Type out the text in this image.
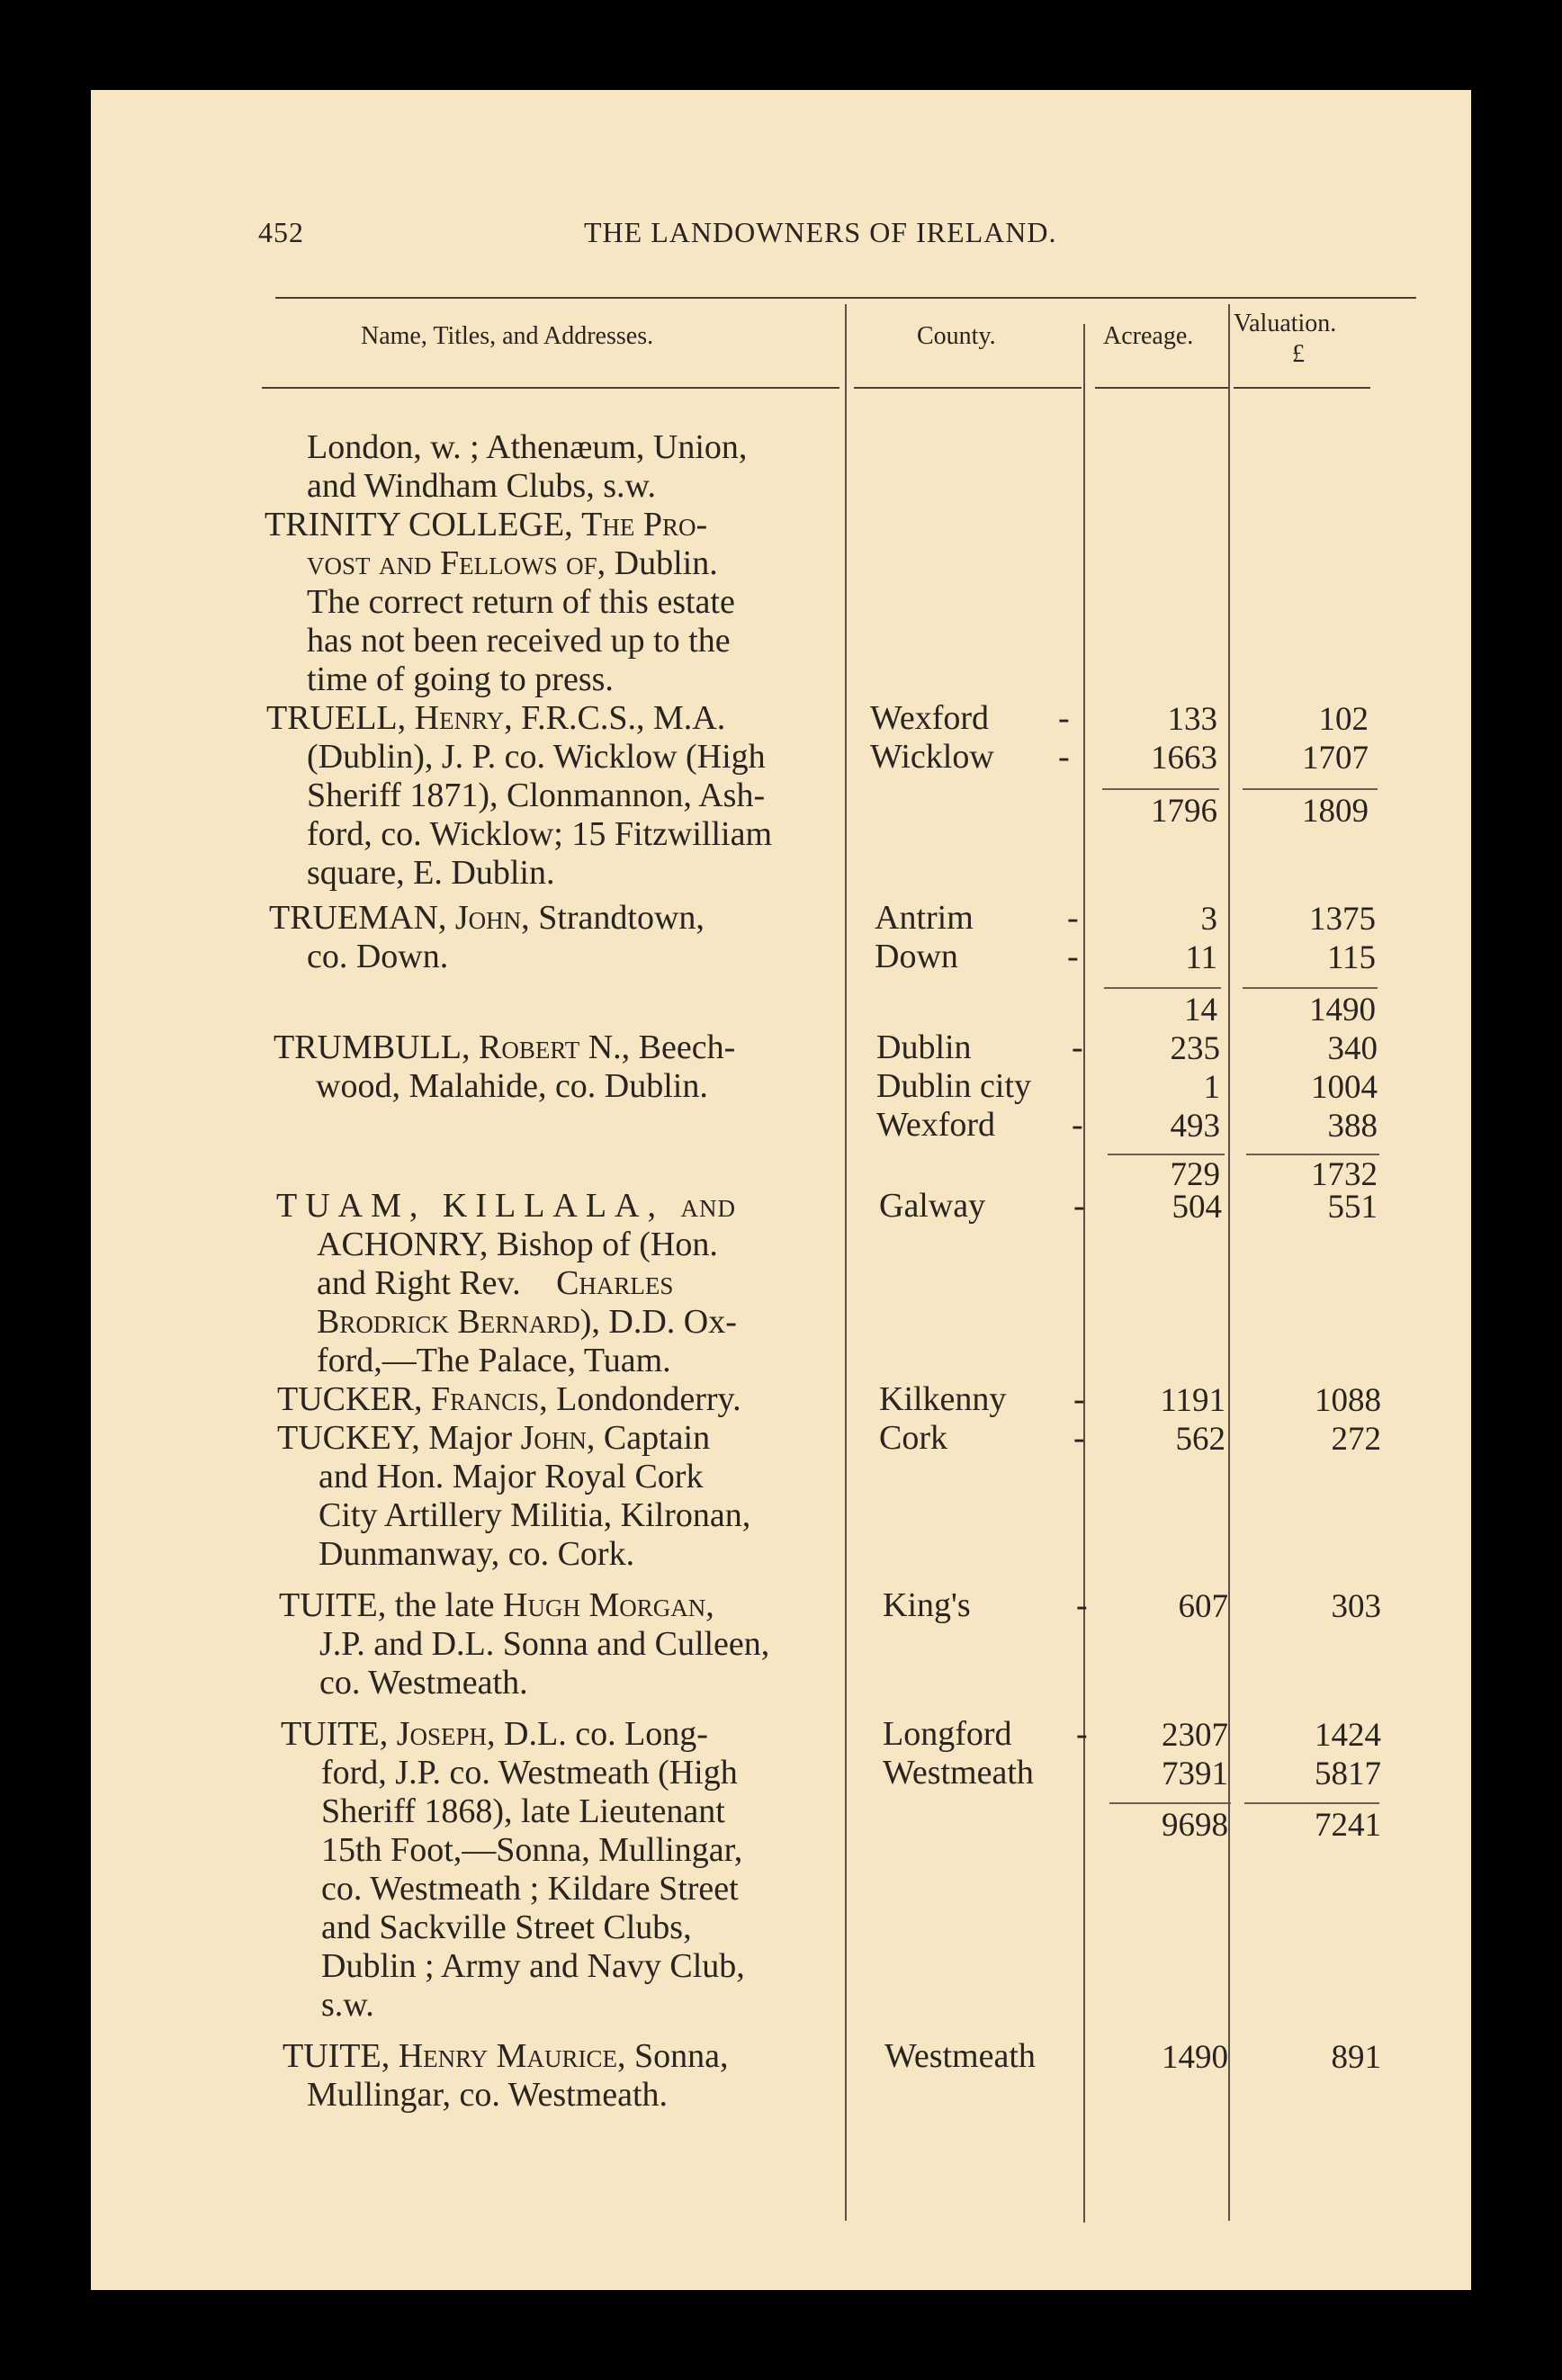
452	THE LANDOWNERS OF IRELAND.
Name, Titles, and Addresses.	County.	Acreage. Valuation.
£
London, w. ; Athenæum, Union,
and Windham Clubs, s.w.
TRINITY COLLEGE, The Pro-
vost and Fellows of, Dublin.
The correct return of this estate
has not been received up to the
time of going to press.
TRUELL, Henry, F.R.C.S., M.A.
(Dublin), J. P. co. Wicklow (High
Sheriff 1871), Clonmannon, Ash-
ford, co. Wicklow; 15 Fitzwilliam
square, E. Dublin.
Wexford -	133	102
Wicklow -	1663	1707
1796	1809
TRUEMAN, John, Strandtown,
co. Down.
Antrim	-	3	1375
Down	-	11	115
14	1490
TRUMBULL, Robert N., Beech-
wood, Malahide, co. Dublin.
Dublin	-	235	340
Dublin city	1	1004
Wexford -	493	388
729	1732
TUAM, KILLALA, and
ACHONRY, Bishop of (Hon.
and Right Rev. Charles
Brodrick Bernard), D.D. Ox-
ford,—The Palace, Tuam.
Galway	-	504	551
TUCKER, Francis, Londonderry.	Kilkenny -	1191	1088
TUCKEY, Major John, Captain
and Hon. Major Royal Cork
City Artillery Militia, Kilronan,
Dunmanway, co. Cork.
Cork	-	562	272
TUITE, the late Hugh Morgan,
J.P. and D.L. Sonna and Culleen,
co. Westmeath.
King's	-	607	303
TUITE, Joseph, D.L. co. Long-
ford, J.P. co. Westmeath (High
Sheriff 1868), late Lieutenant
15th Foot,—Sonna, Mullingar,
co. Westmeath ; Kildare Street
and Sackville Street Clubs,
Dublin ; Army and Navy Club,
s.w.
Longford -	2307	1424
Westmeath	7391	5817
9698	7241
TUITE, Henry Maurice, Sonna,
Mullingar, co. Westmeath.
Westmeath	1490	891
